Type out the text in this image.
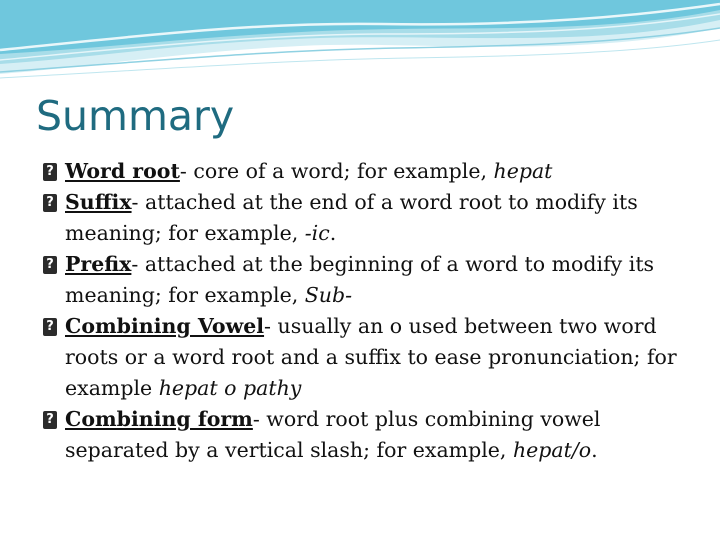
Summary

? Word root- core of a word; for example, hepat

? Suffix- attached at the end of a word root to modify its meaning; for example, -ic.

? Prefix- attached at the beginning of a word to modify its meaning; for example, Sub-

? Combining Vowel- usually an o used between two word roots or a word root and a suffix to ease pronunciation; for example hepat o pathy

? Combining form- word root plus combining vowel separated by a vertical slash; for example, hepat/o.
